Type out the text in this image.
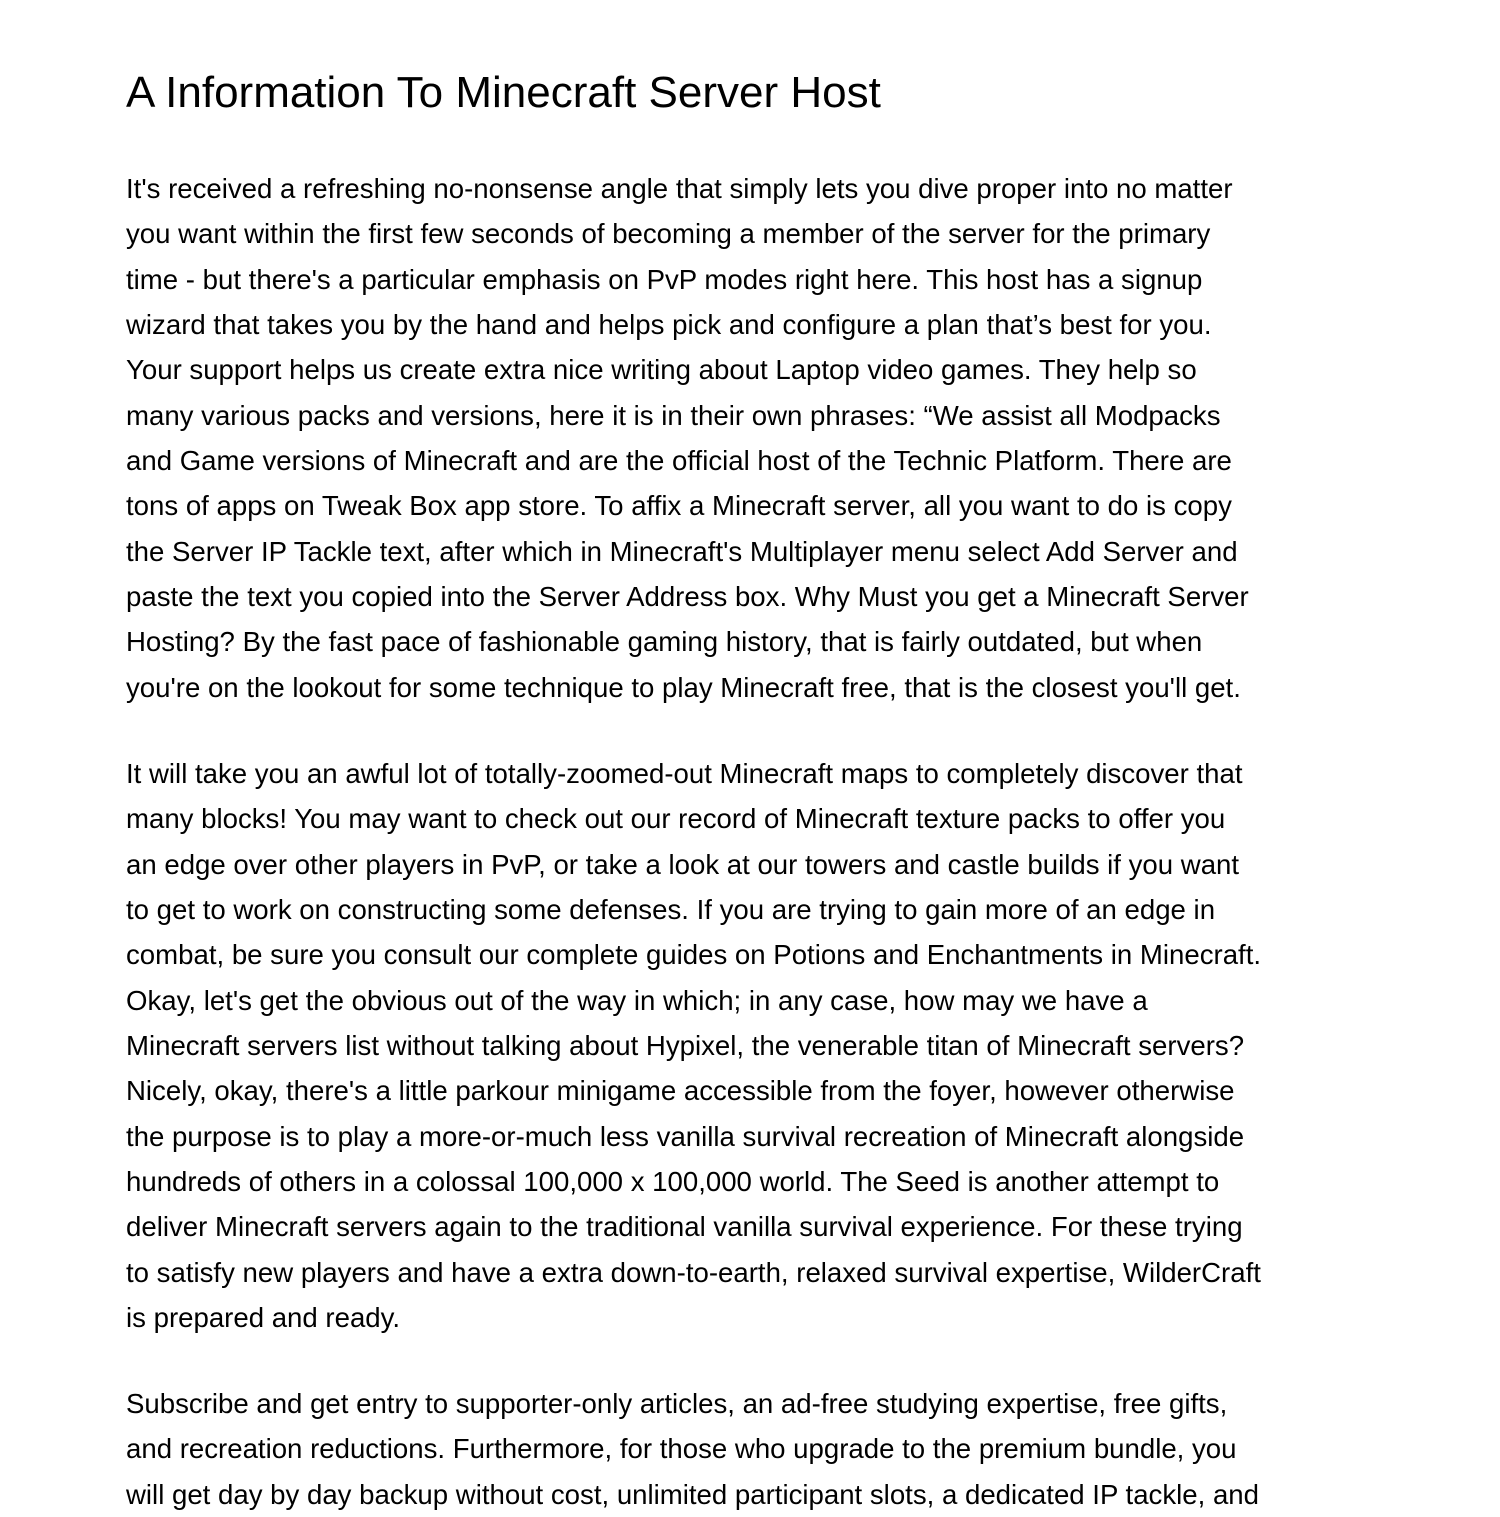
A Information To Minecraft Server Host

It's received a refreshing no-nonsense angle that simply lets you dive proper into no matter
you want within the first few seconds of becoming a member of the server for the primary
time - but there's a particular emphasis on PvP modes right here. This host has a signup
wizard that takes you by the hand and helps pick and configure a plan that’s best for you.
Your support helps us create extra nice writing about Laptop video games. They help so
many various packs and versions, here it is in their own phrases: “We assist all Modpacks
and Game versions of Minecraft and are the official host of the Technic Platform. There are
tons of apps on Tweak Box app store. To affix a Minecraft server, all you want to do is copy
the Server IP Tackle text, after which in Minecraft's Multiplayer menu select Add Server and
paste the text you copied into the Server Address box. Why Must you get a Minecraft Server
Hosting? By the fast pace of fashionable gaming history, that is fairly outdated, but when
you're on the lookout for some technique to play Minecraft free, that is the closest you'll get.

It will take you an awful lot of totally-zoomed-out Minecraft maps to completely discover that
many blocks! You may want to check out our record of Minecraft texture packs to offer you
an edge over other players in PvP, or take a look at our towers and castle builds if you want
to get to work on constructing some defenses. If you are trying to gain more of an edge in
combat, be sure you consult our complete guides on Potions and Enchantments in Minecraft.
Okay, let's get the obvious out of the way in which; in any case, how may we have a
Minecraft servers list without talking about Hypixel, the venerable titan of Minecraft servers?
Nicely, okay, there's a little parkour minigame accessible from the foyer, however otherwise
the purpose is to play a more-or-much less vanilla survival recreation of Minecraft alongside
hundreds of others in a colossal 100,000 x 100,000 world. The Seed is another attempt to
deliver Minecraft servers again to the traditional vanilla survival experience. For these trying
to satisfy new players and have a extra down-to-earth, relaxed survival expertise, WilderCraft
is prepared and ready.

Subscribe and get entry to supporter-only articles, an ad-free studying expertise, free gifts,
and recreation reductions. Furthermore, for those who upgrade to the premium bundle, you
will get day by day backup without cost, unlimited participant slots, a dedicated IP tackle, and
